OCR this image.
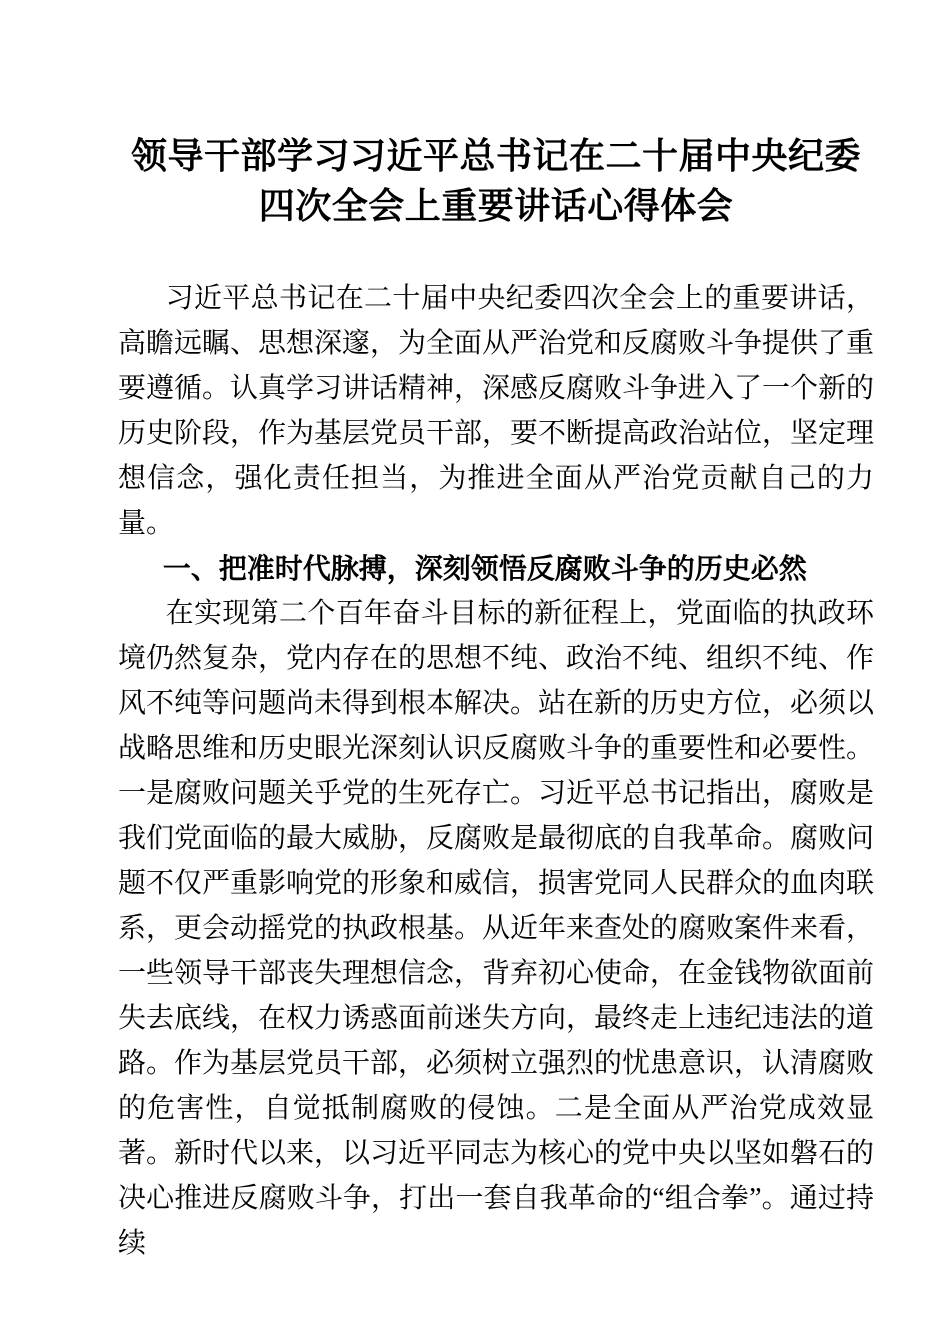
领导干部学习习近平总书记在二十届中央纪委
四次全会上重要讲话心得体会

习近平总书记在二十届中央纪委四次全会上的重要讲话，高瞻远瞩、思想深邃，为全面从严治党和反腐败斗争提供了重要遵循。认真学习讲话精神，深感反腐败斗争进入了一个新的历史阶段，作为基层党员干部，要不断提高政治站位，坚定理想信念，强化责任担当，为推进全面从严治党贡献自己的力量。

一、把准时代脉搏，深刻领悟反腐败斗争的历史必然

在实现第二个百年奋斗目标的新征程上，党面临的执政环境仍然复杂，党内存在的思想不纯、政治不纯、组织不纯、作风不纯等问题尚未得到根本解决。站在新的历史方位，必须以战略思维和历史眼光深刻认识反腐败斗争的重要性和必要性。一是腐败问题关乎党的生死存亡。习近平总书记指出，腐败是我们党面临的最大威胁，反腐败是最彻底的自我革命。腐败问题不仅严重影响党的形象和威信，损害党同人民群众的血肉联系，更会动摇党的执政根基。从近年来查处的腐败案件来看，一些领导干部丧失理想信念，背弃初心使命，在金钱物欲面前失去底线，在权力诱惑面前迷失方向，最终走上违纪违法的道路。作为基层党员干部，必须树立强烈的忧患意识，认清腐败的危害性，自觉抵制腐败的侵蚀。二是全面从严治党成效显著。新时代以来，以习近平同志为核心的党中央以坚如磐石的决心推进反腐败斗争，打出一套自我革命的“组合拳”。通过持续
